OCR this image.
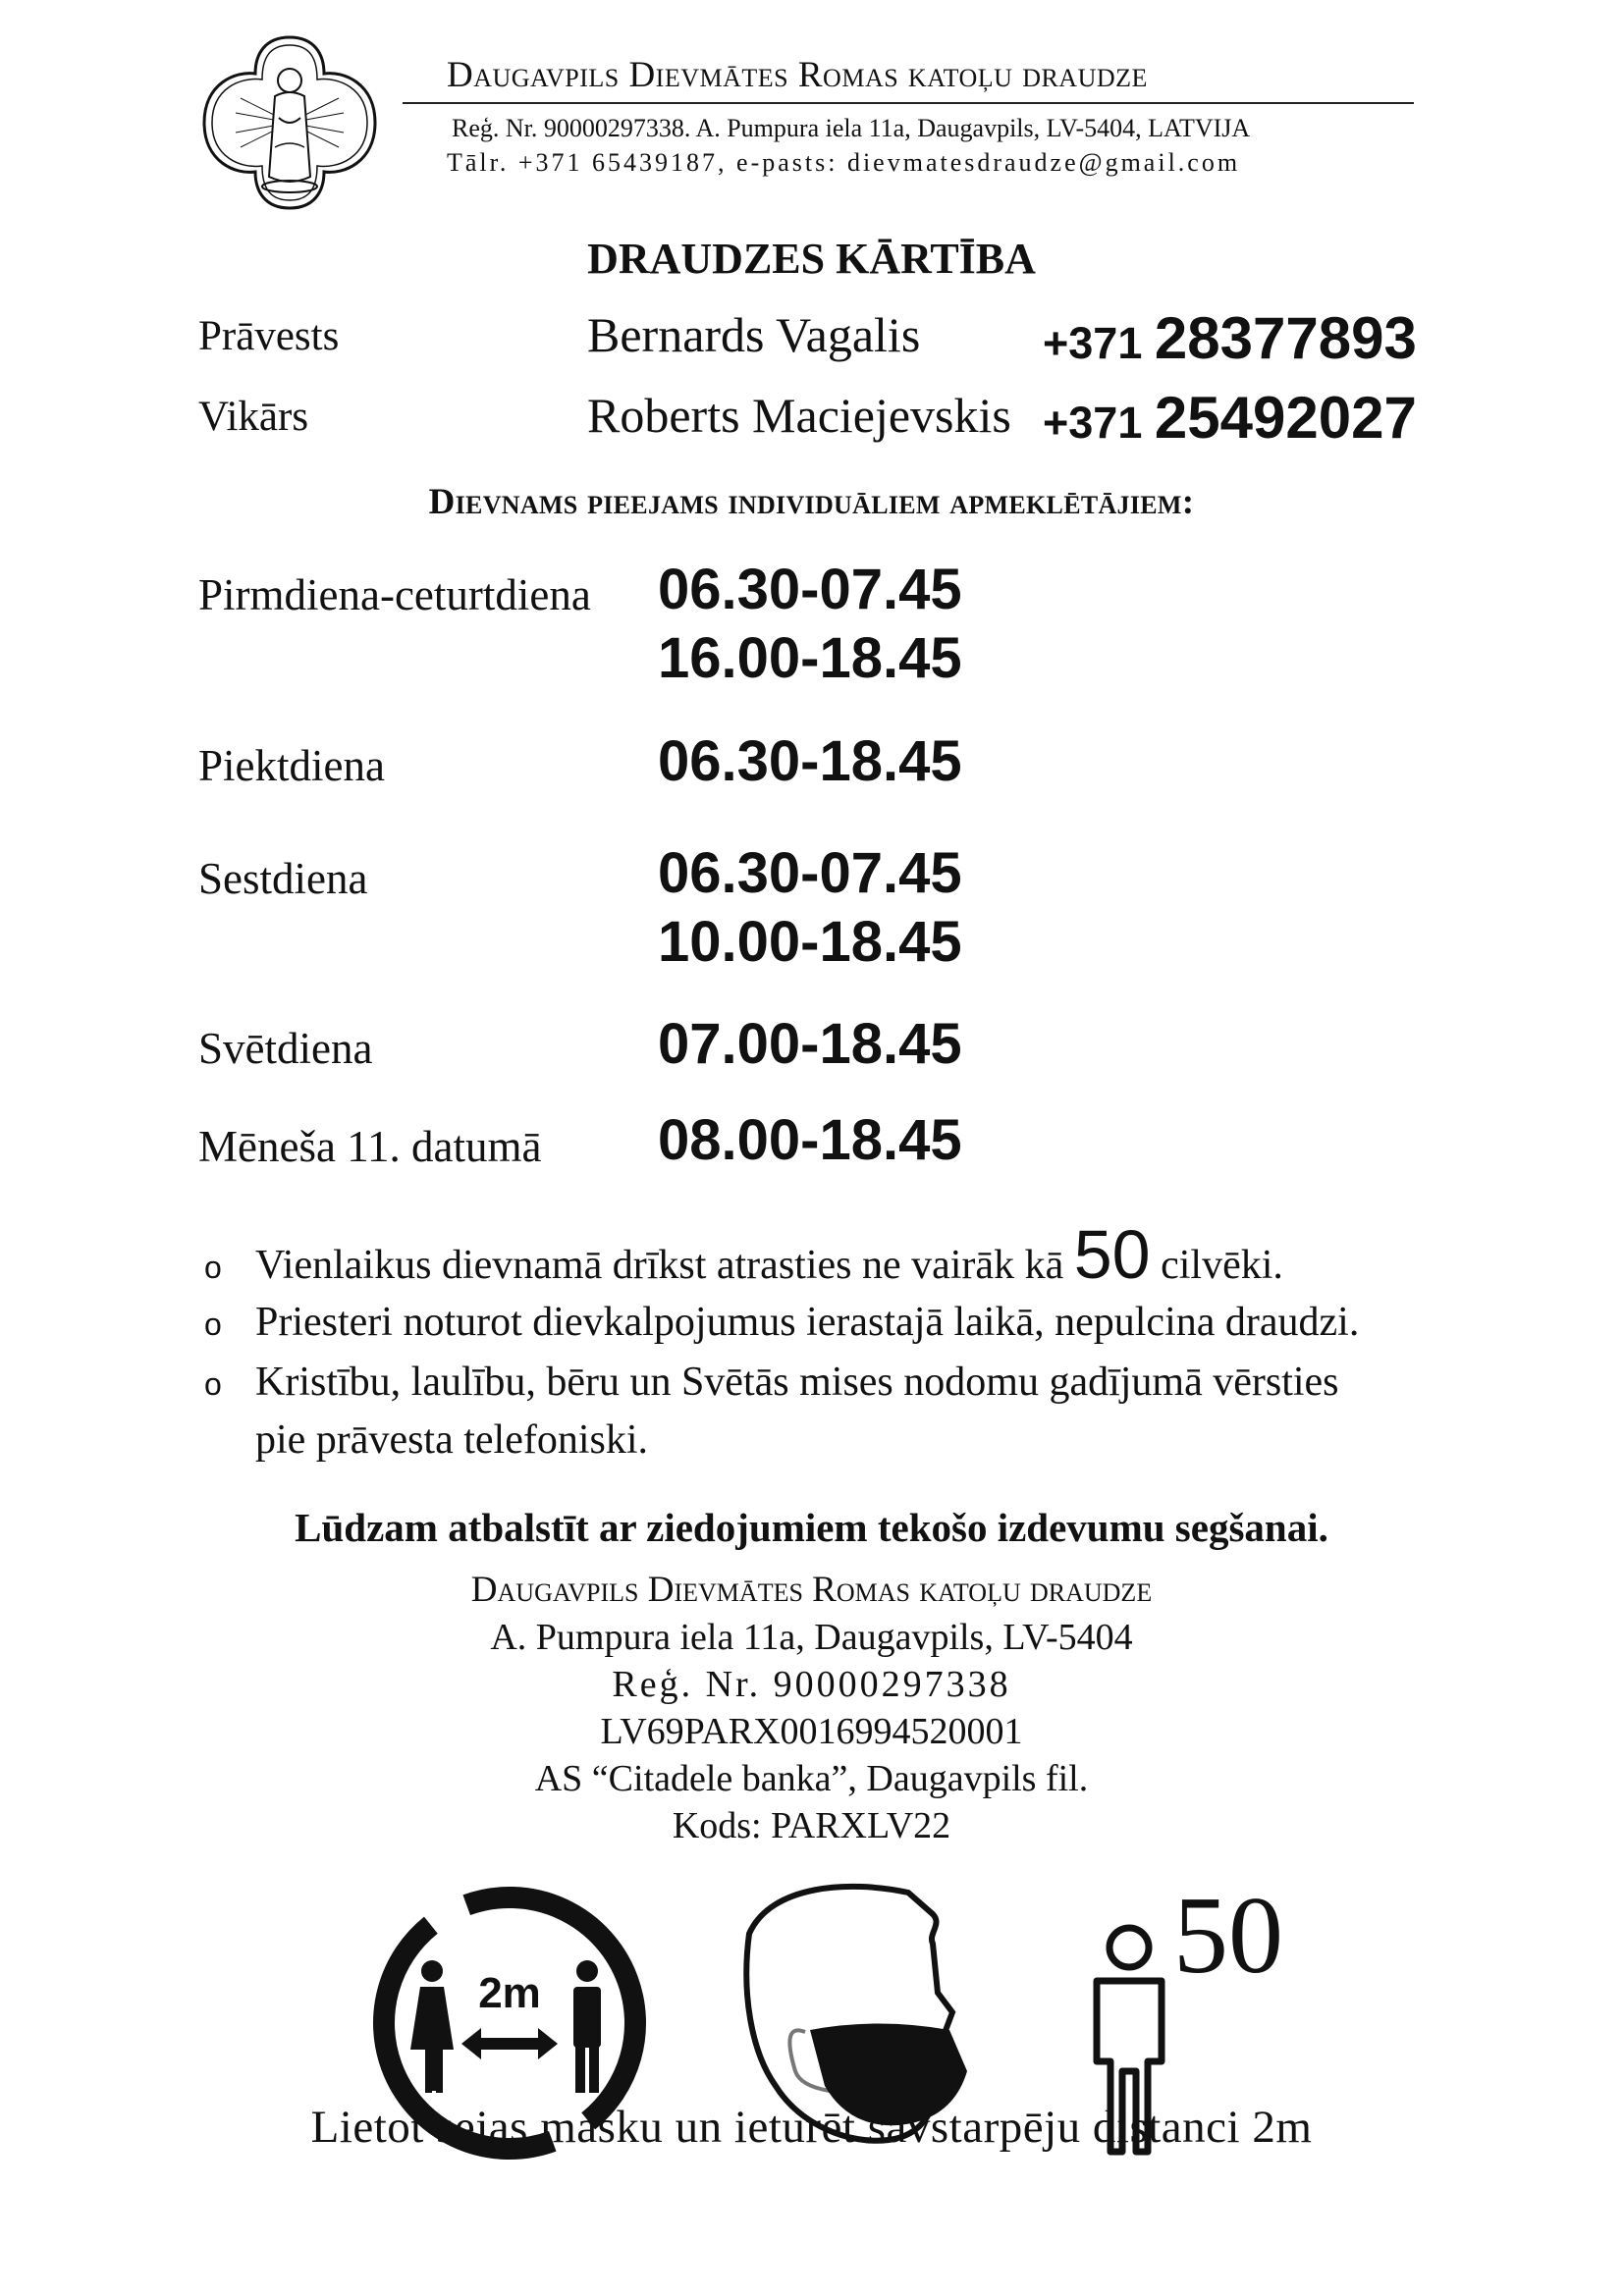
Daugavpils Dievmātes Romas katoļu draudze
Reģ. Nr. 90000297338. A. Pumpura iela 11a, Daugavpils, LV-5404, LATVIJA
Tālr. +371 65439187, e-pasts: dievmatesdraudze@gmail.com
DRAUDZES KĀRTĪBA
Prāvests	Bernards Vagalis	+371 28377893
Vikārs	Roberts Maciejevskis +371 25492027
Dievnams pieejams individuāliem apmeklētājiem:
Pirmdiena-ceturtdiena 06.30-07.45
16.00-18.45
Piektdiena	06.30-18.45
Sestdiena	06.30-07.45
10.00-18.45
Svētdiena	07.00-18.45
Mēneša 11. datumā 08.00-18.45
o Vienlaikus dievnamā drīkst atrasties ne vairāk kā 50 cilvēki.
o Priesteri noturot dievkalpojumus ierastajā laikā, nepulcina draudzi.
o Kristību, laulību, bēru un Svētās mises nodomu gadījumā vērsties
pie prāvesta telefoniski.
Lūdzam atbalstīt ar ziedojumiem tekošo izdevumu segšanai.
Daugavpils Dievmātes Romas katoļu draudze
A. Pumpura iela 11a, Daugavpils, LV-5404
Reģ. Nr. 90000297338
LV69PARX0016994520001
AS “Citadele banka”, Daugavpils fil.
Kods: PARXLV22
2m	50
Lietot sejas masku un ieturēt savstarpēju distanci 2m
